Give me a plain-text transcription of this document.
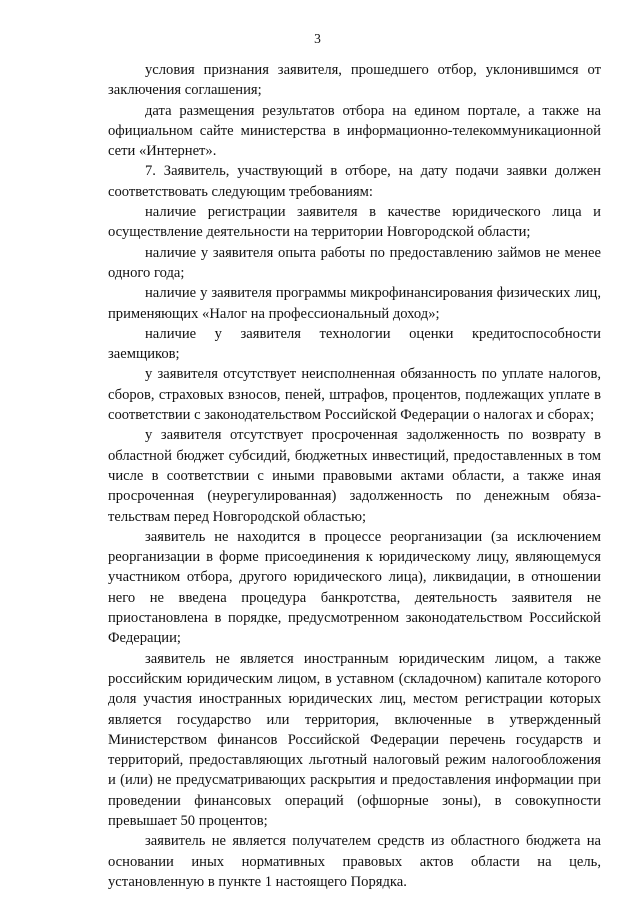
3

условия признания заявителя, прошедшего отбор, уклонившимся от заключения соглашения;

дата размещения результатов отбора на едином портале, а также на официальном сайте министерства в информационно-телекоммуникационной сети «Интернет».

7. Заявитель, участвующий в отборе, на дату подачи заявки должен соответствовать следующим требованиям:

наличие регистрации заявителя в качестве юридического лица и осуществление деятельности на территории Новгородской области;

наличие у заявителя опыта работы по предоставлению займов не менее одного года;

наличие у заявителя программы микрофинансирования физических лиц, применяющих «Налог на профессиональный доход»;

наличие у заявителя технологии оценки кредитоспособности заемщиков;

у заявителя отсутствует неисполненная обязанность по уплате налогов, сборов, страховых взносов, пеней, штрафов, процентов, подлежащих уплате в соответствии с законодательством Российской Федерации о налогах и сборах;

у заявителя отсутствует просроченная задолженность по возврату в областной бюджет субсидий, бюджетных инвестиций, предоставленных в том числе в соответствии с иными правовыми актами области, а также иная просроченная (неурегулированная) задолженность по денежным обязательствам перед Новгородской областью;

заявитель не находится в процессе реорганизации (за исключением реорганизации в форме присоединения к юридическому лицу, являющемуся участником отбора, другого юридического лица), ликвидации, в отношении него не введена процедура банкротства, деятельность заявителя не приостановлена в порядке, предусмотренном законодательством Российской Федерации;

заявитель не является иностранным юридическим лицом, а также российским юридическим лицом, в уставном (складочном) капитале которого доля участия иностранных юридических лиц, местом регистрации которых является государство или территория, включенные в утвержденный Министерством финансов Российской Федерации перечень государств и территорий, предоставляющих льготный налоговый режим налогообложения и (или) не предусматривающих раскрытия и предоставления информации при проведении финансовых операций (офшорные зоны), в совокупности превышает 50 процентов;

заявитель не является получателем средств из областного бюджета на основании иных нормативных правовых актов области на цель, установленную в пункте 1 настоящего Порядка.
